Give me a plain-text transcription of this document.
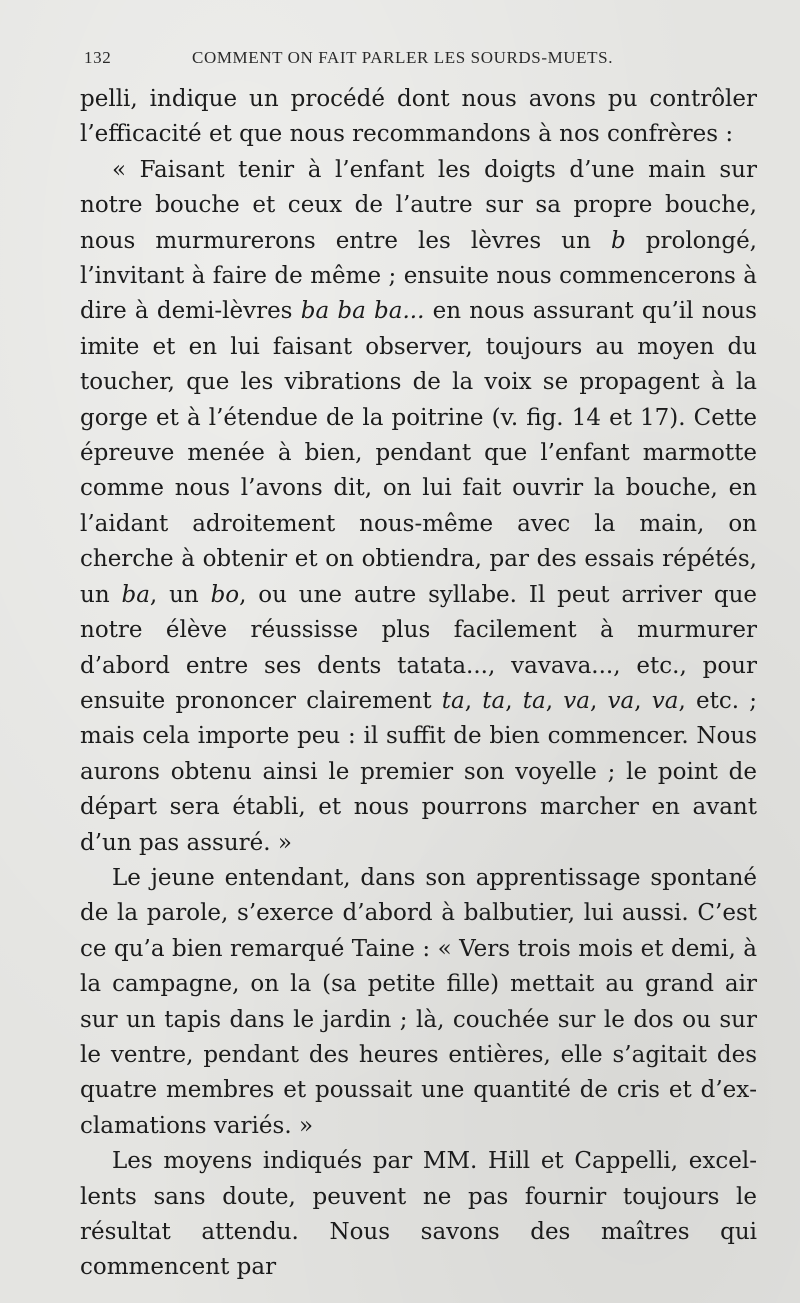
132	COMMENT ON FAIT PARLER LES SOURDS-MUETS.

pelli, indique un procédé dont nous avons pu contrôler l’efficacité et que nous recommandons à nos confrères :

« Faisant tenir à l’enfant les doigts d’une main sur notre bouche et ceux de l’autre sur sa propre bouche, nous murmurerons entre les lèvres un b prolongé, l’invitant à faire de même ; ensuite nous commencerons à dire à demi-lèvres ba ba ba... en nous assurant qu’il nous imite et en lui faisant observer, toujours au moyen du toucher, que les vibrations de la voix se propagent à la gorge et à l’étendue de la poitrine (v. fig. 14 et 17). Cette épreuve menée à bien, pendant que l’enfant marmotte comme nous l’avons dit, on lui fait ouvrir la bouche, en l’aidant adroitement nous-même avec la main, on cherche à obtenir et on obtiendra, par des essais répétés, un ba, un bo, ou une autre syllabe. Il peut arriver que notre élève réussisse plus facilement à murmurer d’abord entre ses dents tatata..., vavava..., etc., pour ensuite prononcer clairement ta, ta, ta, va, va, va, etc. ; mais cela importe peu : il suffit de bien commencer. Nous aurons obtenu ainsi le premier son voyelle ; le point de départ sera établi, et nous pourrons marcher en avant d’un pas assuré. »

Le jeune entendant, dans son apprentissage spontané de la parole, s’exerce d’abord à balbutier, lui aussi. C’est ce qu’a bien remarqué Taine : « Vers trois mois et demi, à la campagne, on la (sa petite fille) mettait au grand air sur un tapis dans le jardin ; là, couchée sur le dos ou sur le ventre, pendant des heures entières, elle s’agitait des quatre membres et poussait une quantité de cris et d’exclamations variés. »

Les moyens indiqués par MM. Hill et Cappelli, excellents sans doute, peuvent ne pas fournir toujours le résultat attendu. Nous savons des maîtres qui commencent par
